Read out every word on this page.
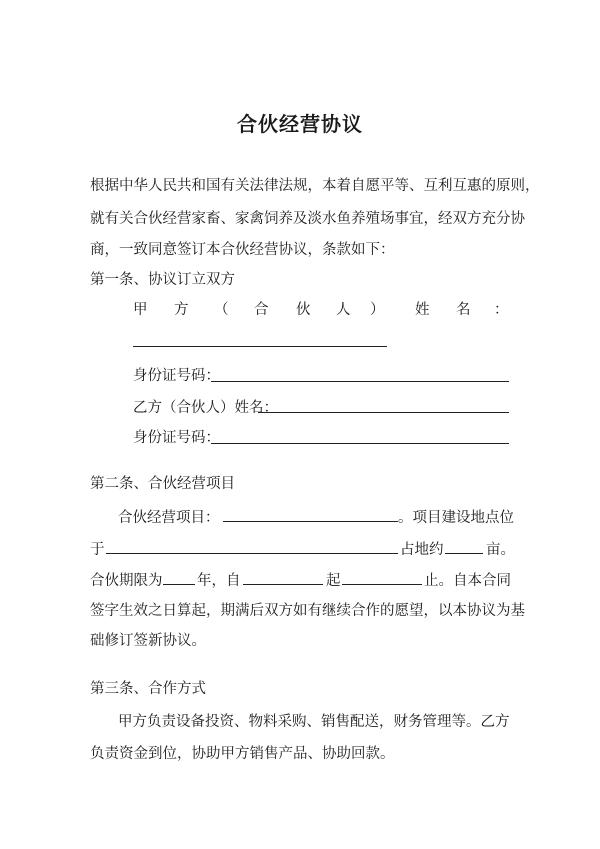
合伙经营协议
根据中华人民共和国有关法律法规，本着自愿平等、互利互惠的原则，
就有关合伙经营家畜、家禽饲养及淡水鱼养殖场事宜，经双方充分协
商，一致同意签订本合伙经营协议，条款如下：
第一条、协议订立双方
甲 方 （ 合 伙 人 ） 姓 名 ：
身份证号码：
乙方（合伙人）姓名：
身份证号码：
第二条、合伙经营项目
合伙经营项目：	。项目建设地点位
于	占地约	亩。
合伙期限为 年，自	起	止。自本合同
签字生效之日算起，期满后双方如有继续合作的愿望，以本协议为基
础修订签新协议。
第三条、合作方式
甲方负责设备投资、物料采购、销售配送，财务管理等。乙方
负责资金到位，协助甲方销售产品、协助回款。
